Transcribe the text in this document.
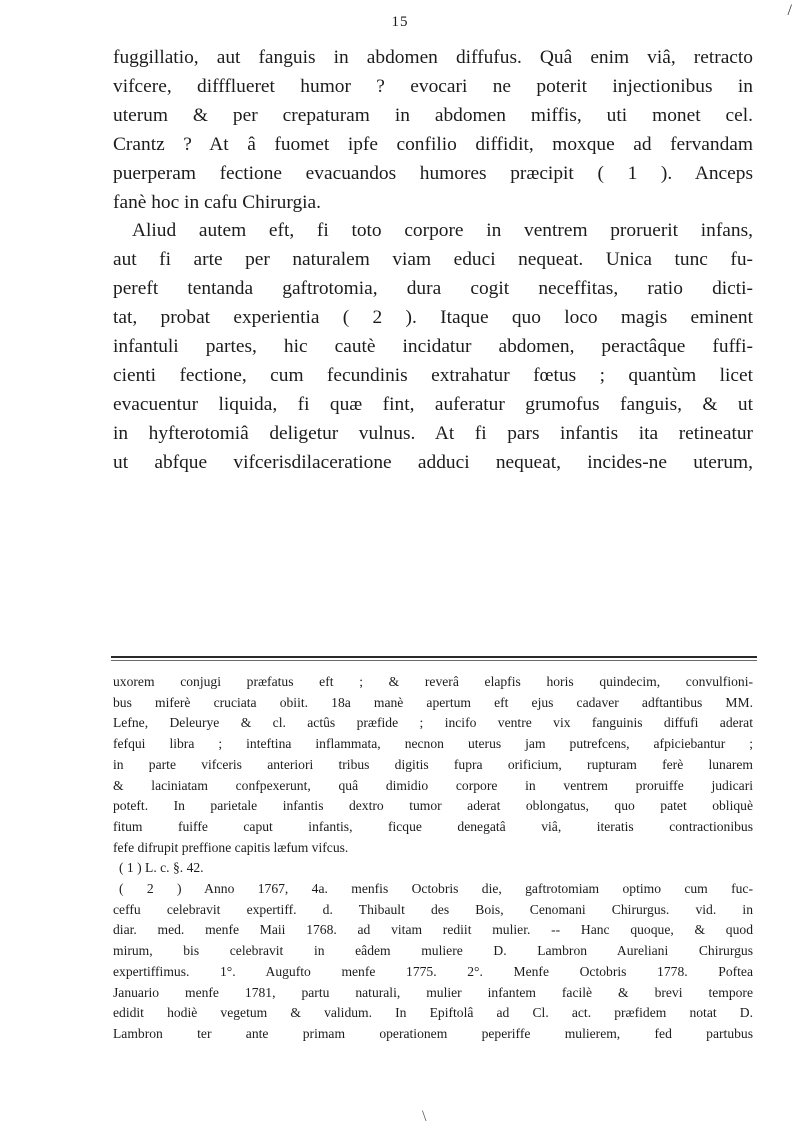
/
15
fuggillatio, aut fanguis in abdomen diffufus. Quâ enim viâ, retractо
vifcere, diffflueret humor ? evocari ne poterit injectionibus in
uterum & per crepaturam in abdomen miffis, uti monet cel.
Crantz ? At â fuomet ipfe confilio diffidit, moxque ad fervandam
puerperam fectione evacuandos humores præcipit ( 1 ). Anceps
fanè hoc in cafu Chirurgia.
Aliud autem eft, fi toto corpore in ventrem proruerit infans,
aut fi arte per naturalem viam educi nequeat. Unica tunc fu-
pereft tentanda gaftrotomia, dura cogit neceffitas, ratio dicti-
tat, probat experientia ( 2 ). Itaque quo loco magis eminent
infantuli partes, hic cautè incidatur abdomen, peractâque fuffi-
cienti fectione, cum fecundinis extrahatur fœtus ; quantùm licet
evacuentur liquida, fi quæ fint, auferatur grumofus fanguis, & ut
in hyfterotomiâ deligetur vulnus. At fi pars infantis ita retineatur
ut abfque vifcerisdilaceratione adduci nequeat, incides-ne uterum,
uxorem conjugi præfatus eft ; & reverâ elapfis horis quindecim, convulfioni-
bus miferè cruciata obiit. 18a manè apertum eft ejus cadaver adftantibus MM.
Lefne, Deleurye & cl. actûs præfide ; incifo ventre vix fanguinis diffufi aderat
fefqui libra ; inteftina inflammata, necnon uterus jam putrefcens, afpiciebantur ;
in parte vifceris anteriori tribus digitis fupra orificium, rupturam ferè lunarem
& laciniatam confpexerunt, quâ dimidio corpore in ventrem proruiffe judicari
poteft. In parietale infantis dextro tumor aderat oblongatus, quo patet obliquè
fitum fuiffe caput infantis, ficque denegatâ viâ, iteratis contractionibus
fefe difrupit preffione capitis læfum vifcus.
( 1 ) L. c. §. 42.
( 2 ) Anno 1767, 4a. menfis Octobris die, gaftrotomiam optimo cum fuc-
ceffu celebravit expertiff. d. Thibault des Bois, Cenomani Chirurgus. vid. in
diar. med. menfe Maii 1768. ad vitam rediit mulier. -- Hanc quoque, & quod
mirum, bis celebravit in eâdem muliere D. Lambron Aureliani Chirurgus
expertiffimus. 1°. Augufto menfe 1775. 2°. Menfe Octobris 1778. Poftea
Januario menfe 1781, partu naturali, mulier infantem facilè & brevi tempore
edidit hodiè vegetum & validum. In Epiftolâ ad Cl. act. præfidem notat D.
Lambron ter ante primam operationem peperiffe mulierem, fed partubus
\
